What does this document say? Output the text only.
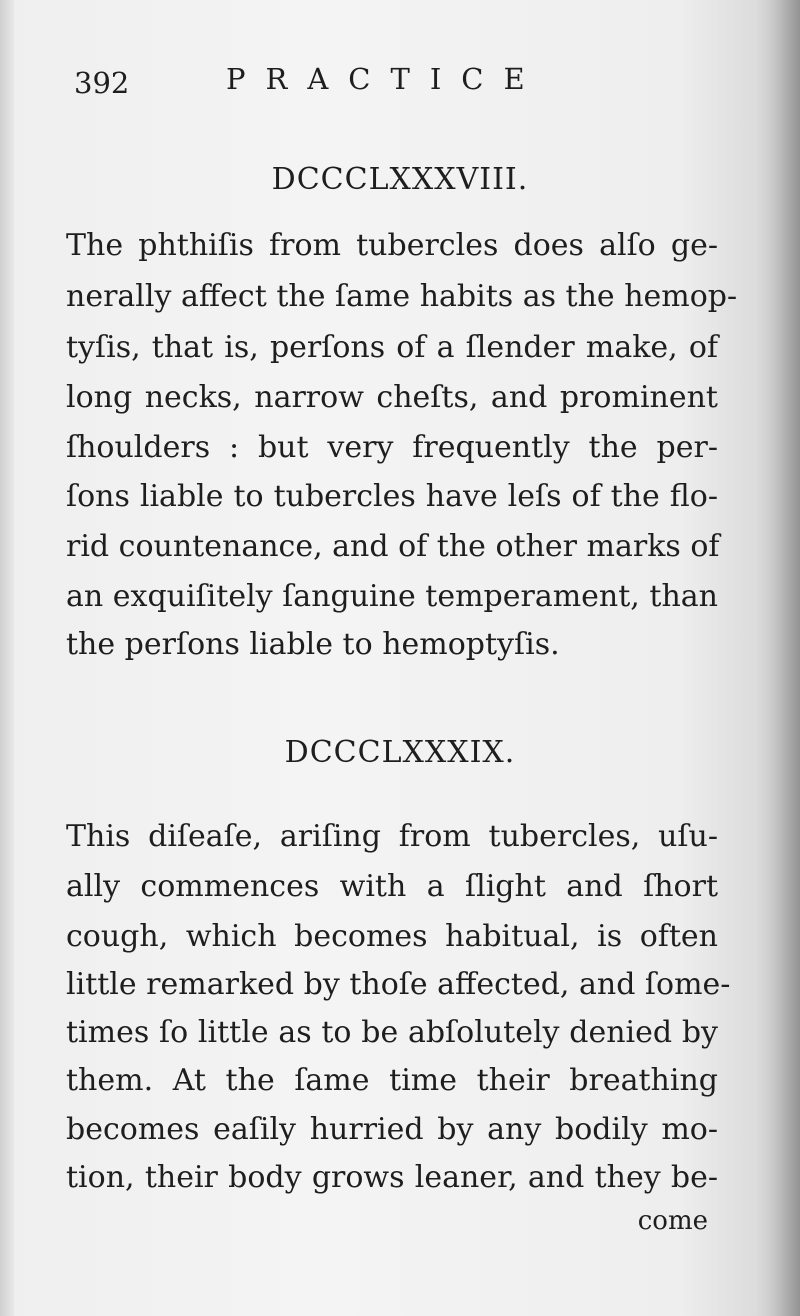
392	PRACTICE
DCCCLXXXVIII.
The phthiſis from tubercles does alſo ge-
nerally affect the ſame habits as the hemop-
tyſis, that is, perſons of a ſlender make, of
long necks, narrow cheſts, and prominent
ſhoulders : but very frequently the per-
ſons liable to tubercles have leſs of the flo-
rid countenance, and of the other marks of
an exquiſitely ſanguine temperament, than
the perſons liable to hemoptyſis.
DCCCLXXXIX.
This diſeaſe, ariſing from tubercles, uſu-
ally commences with a ſlight and ſhort
cough, which becomes habitual, is often
little remarked by thoſe affected, and ſome-
times ſo little as to be abſolutely denied by
them. At the ſame time their breathing
becomes eaſily hurried by any bodily mo-
tion, their body grows leaner, and they be-
come
